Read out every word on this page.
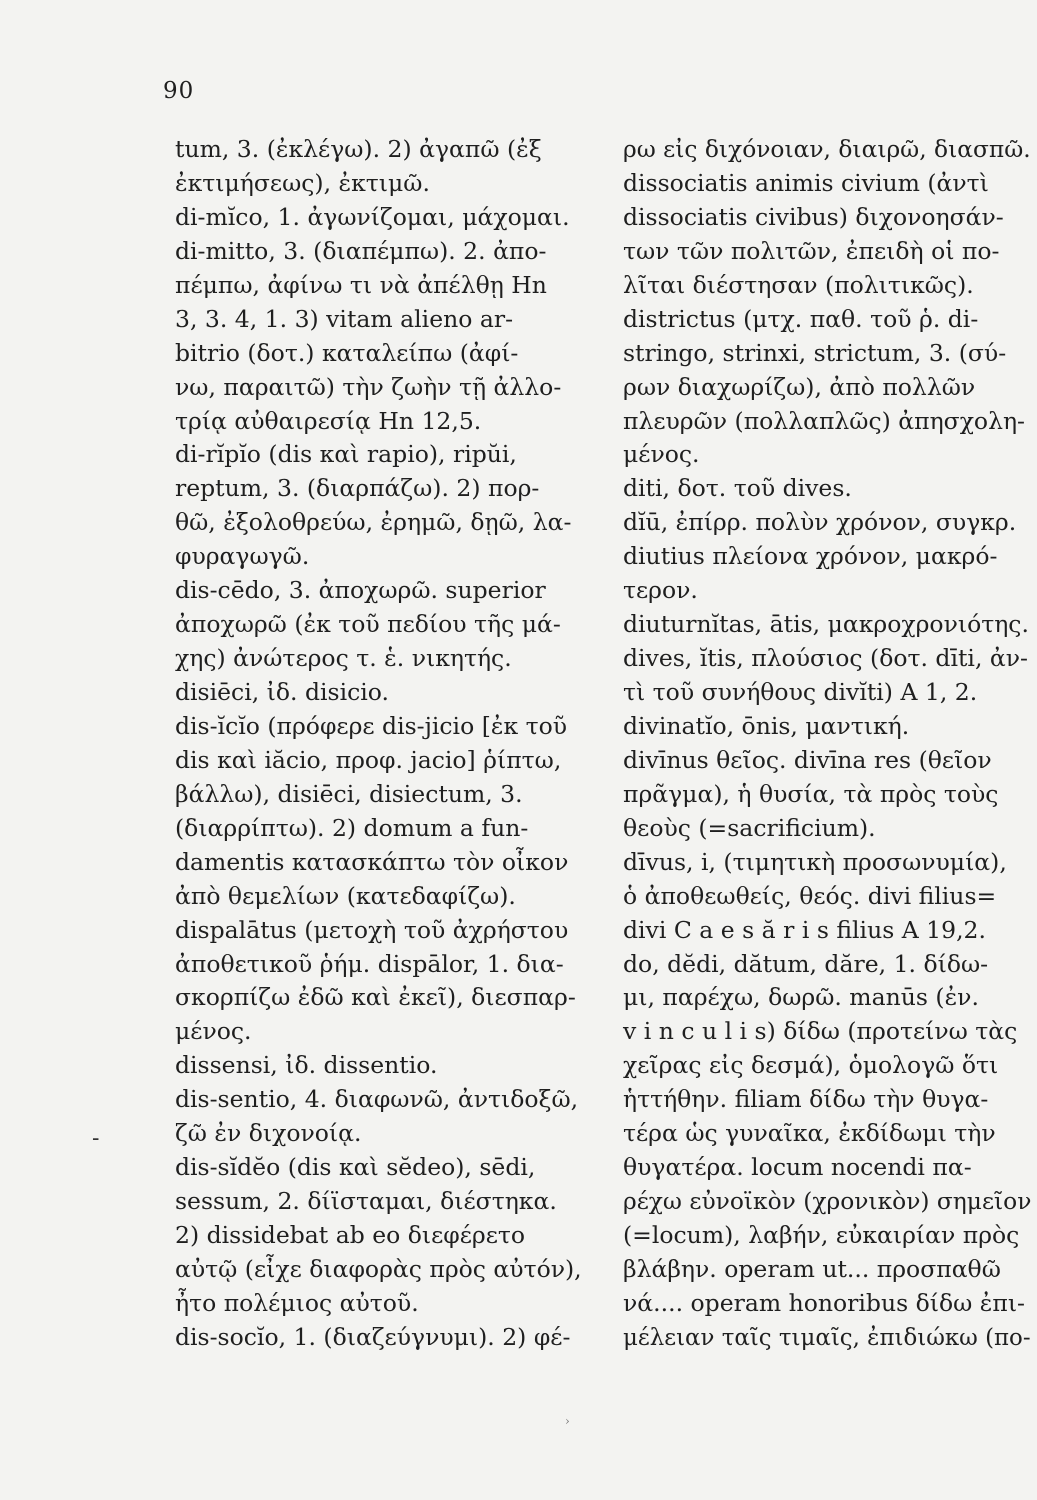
90
tum, 3. (ἐκλέγω). 2) ἀγαπῶ (ἐξ
ἐκτιμήσεως), ἐκτιμῶ.
di-mĭco, 1. ἀγωνίζομαι, μάχομαι.
di-mitto, 3. (διαπέμπω). 2. ἀπο-
πέμπω, ἀφίνω τι νὰ ἀπέλθῃ Hn
3, 3. 4, 1. 3) vitam alieno ar-
bitrio (δοτ.) καταλείπω (ἀφί-
νω, παραιτῶ) τὴν ζωὴν τῇ ἀλλο-
τρίᾳ αὐθαιρεσίᾳ Hn 12,5.
di-rĭpĭo (dis καὶ rapio), ripŭi,
reptum, 3. (διαρπάζω). 2) πορ-
θῶ, ἐξολοθρεύω, ἐρημῶ, δῃῶ, λα-
φυραγωγῶ.
dis-cēdo, 3. ἀποχωρῶ. superior
ἀποχωρῶ (ἐκ τοῦ πεδίου τῆς μά-
χης) ἀνώτερος τ. ἑ. νικητής.
disiēci, ἰδ. disicio.
dis-ĭcĭo (πρόφερε dis-jicio [ἐκ τοῦ
dis καὶ iăcio, προφ. jacio] ῥίπτω,
βάλλω), disiēci, disiectum, 3.
(διαρρίπτω). 2) domum a fun-
damentis κατασκάπτω τὸν οἶκον
ἀπὸ θεμελίων (κατεδαφίζω).
dispalātus (μετοχὴ τοῦ ἀχρήστου
ἀποθετικοῦ ῥήμ. dispālor, 1. δια-
σκορπίζω ἐδῶ καὶ ἐκεῖ), διεσπαρ-
μένος.
dissensi, ἰδ. dissentio.
dis-sentio, 4. διαφωνῶ, ἀντιδοξῶ,
ζῶ ἐν διχονοίᾳ.
dis-sĭdĕo (dis καὶ sĕdeo), sēdi,
sessum, 2. δίϊσταμαι, διέστηκα.
2) dissidebat ab eo διεφέρετο
αὐτῷ (εἶχε διαφορὰς πρὸς αὐτόν),
ἦτο πολέμιος αὐτοῦ.
dis-socĭo, 1. (διαζεύγνυμι). 2) φέ-
ρω εἰς διχόνοιαν, διαιρῶ, διασπῶ.
dissociatis animis civium (ἀντὶ
dissociatis civibus) διχονοησάν-
των τῶν πολιτῶν, ἐπειδὴ οἱ πο-
λῖται διέστησαν (πολιτικῶς).
districtus (μτχ. παθ. τοῦ ῥ. di-
stringo, strinxi, strictum, 3. (σύ-
ρων διαχωρίζω), ἀπὸ πολλῶν
πλευρῶν (πολλαπλῶς) ἀπησχολη-
μένος.
diti, δοτ. τοῦ dives.
dĭū, ἐπίρρ. πολὺν χρόνον, συγκρ.
diutius πλείονα χρόνον, μακρό-
τερον.
diuturnĭtas, ātis, μακροχρονιότης.
dives, ĭtis, πλούσιος (δοτ. dīti, ἀν-
τὶ τοῦ συνήθους divĭti) A 1, 2.
divinatĭo, ōnis, μαντική.
divīnus θεῖος. divīna res (θεῖον
πρᾶγμα), ἡ θυσία, τὰ πρὸς τοὺς
θεοὺς (=sacrificium).
dīvus, i, (τιμητικὴ προσωνυμία),
ὁ ἀποθεωθείς, θεός. divi filius=
divi C a e s ă r i s filius A 19,2.
do, dĕdi, dătum, dăre, 1. δίδω-
μι, παρέχω, δωρῶ. manūs (ἐν.
v i n c u l i s) δίδω (προτείνω τὰς
χεῖρας εἰς δεσμά), ὁμολογῶ ὅτι
ἡττήθην. filiam δίδω τὴν θυγα-
τέρα ὡς γυναῖκα, ἐκδίδωμι τὴν
θυγατέρα. locum nocendi πα-
ρέχω εὐνοϊκὸν (χρονικὸν) σημεῖον
(=locum), λαβήν, εὐκαιρίαν πρὸς
βλάβην. operam ut... προσπαθῶ
νά.... operam honoribus δίδω ἐπι-
μέλειαν ταῖς τιμαῖς, ἐπιδιώκω (πο-
-
›
